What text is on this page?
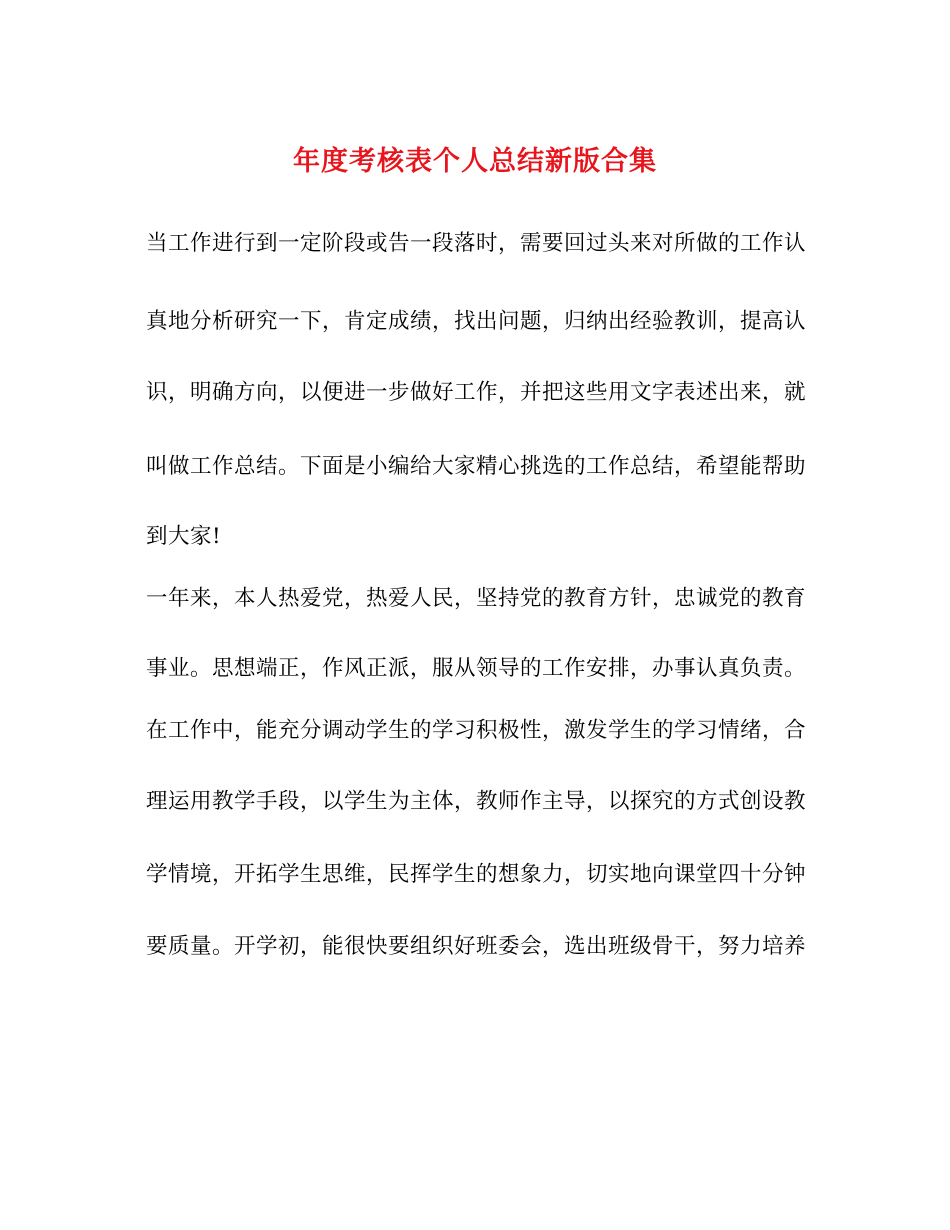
年度考核表个人总结新版合集
当工作进行到一定阶段或告一段落时，需要回过头来对所做的工作认
真地分析研究一下，肯定成绩，找出问题，归纳出经验教训，提高认
识，明确方向，以便进一步做好工作，并把这些用文字表述出来，就
叫做工作总结。下面是小编给大家精心挑选的工作总结，希望能帮助
到大家!
一年来，本人热爱党，热爱人民，坚持党的教育方针，忠诚党的教育
事业。思想端正，作风正派，服从领导的工作安排，办事认真负责。
在工作中，能充分调动学生的学习积极性，激发学生的学习情绪，合
理运用教学手段，以学生为主体，教师作主导，以探究的方式创设教
学情境，开拓学生思维，民挥学生的想象力，切实地向课堂四十分钟
要质量。开学初，能很快要组织好班委会，选出班级骨干，努力培养
